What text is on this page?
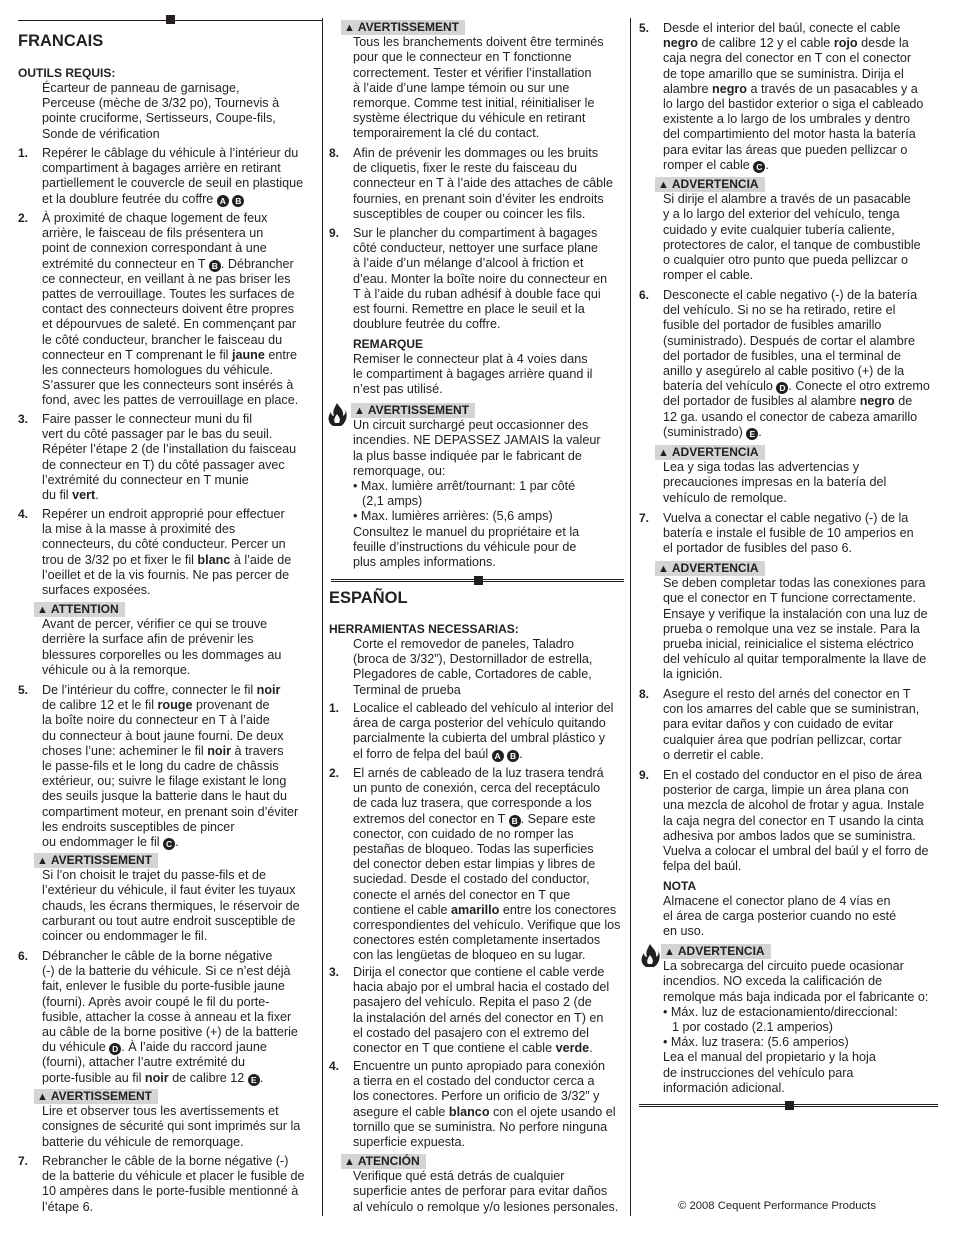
FRANCAIS

OUTILS REQUIS:

Écarteur de panneau de garnisage,

Perceuse (mèche de 3/32 po), Tournevis à

pointe cruciforme, Sertisseurs, Coupe-fils,

Sonde de vérification

1. Repérer le câblage du véhicule à l’intérieur du

compartiment à bagages arrière en retirant

partiellement le couvercle de seuil en plastique

et la doublure feutrée du coffre A B

2. À proximité de chaque logement de feux

arrière, le faisceau de fils présentera un

point de connexion correspondant à une

extrémité du connecteur en T B . Débrancher

ce connecteur, en veillant à ne pas briser les

pattes de verrouillage. Toutes les surfaces de

contact des connecteurs doivent être propres

et dépourvues de saleté. En commençant par

le côté conducteur, brancher le faisceau du

connecteur en T comprenant le fil jaune entre

les connecteurs homologues du véhicule.

S’assurer que les connecteurs sont insérés à

fond, avec les pattes de verrouillage en place.

3. Faire passer le connecteur muni du fil

vert du côté passager par le bas du seuil.

Répéter l’étape 2 (de l’installation du faisceau

de connecteur en T) du côté passager avec

l’extrémité du connecteur en T munie

du fil vert.

4. Repérer un endroit approprié pour effectuer

la mise à la masse à proximité des

connecteurs, du côté conducteur. Percer un

trou de 3/32 po et fixer le fil blanc à l’aide de

l’oeillet et de la vis fournis. Ne pas percer de

surfaces exposées.

▲ ATTENTION

Avant de percer, vérifier ce qui se trouve

derrière la surface afin de prévenir les

blessures corporelles ou les dommages au

véhicule ou à la remorque.

5. De l’intérieur du coffre, connecter le fil noir

de calibre 12 et le fil rouge provenant de

la boîte noire du connecteur en T à l’aide

du connecteur à bout jaune fourni. De deux

choses l’une: acheminer le fil noir à travers

le passe-fils et le long du cadre de châssis

extérieur, ou; suivre le filage existant le long

des seuils jusque la batterie dans le haut du

compartiment moteur, en prenant soin d’éviter

les endroits susceptibles de pincer

ou endommager le fil C .

▲ AVERTISSEMENT

Si l’on choisit le trajet du passe-fils et de

l’extérieur du véhicule, il faut éviter les tuyaux

chauds, les écrans thermiques, le réservoir de

carburant ou tout autre endroit susceptible de

coincer ou endommager le fil.

6. Débrancher le câble de la borne négative

(-) de la batterie du véhicule. Si ce n’est déjà

fait, enlever le fusible du porte-fusible jaune

(fourni). Après avoir coupé le fil du porte-

fusible, attacher la cosse à anneau et la fixer

au câble de la borne positive (+) de la batterie

du véhicule D . À l’aide du raccord jaune

(fourni), attacher l’autre extrémité du

porte-fusible au fil noir de calibre 12 E .

▲ AVERTISSEMENT

Lire et observer tous les avertissements et

consignes de sécurité qui sont imprimés sur la

batterie du véhicule de remorquage.

7. Rebrancher le câble de la borne négative (-)

de la batterie du véhicule et placer le fusible de

10 ampères dans le porte-fusible mentionné à

l’étape 6.

▲ AVERTISSEMENT

Tous les branchements doivent être terminés

pour que le connecteur en T fonctionne

correctement. Tester et vérifier l’installation

à l’aide d’une lampe témoin ou sur une

remorque. Comme test initial, réinitialiser le

système électrique du véhicule en retirant

temporairement la clé du contact.

8. Afin de prévenir les dommages ou les bruits

de cliquetis, fixer le reste du faisceau du

connecteur en T à l’aide des attaches de câble

fournies, en prenant soin d’éviter les endroits

susceptibles de couper ou coincer les fils.

9. Sur le plancher du compartiment à bagages

côté conducteur, nettoyer une surface plane

à l’aide d’un mélange d’alcool à friction et

d’eau. Monter la boîte noire du connecteur en

T à l’aide du ruban adhésif à double face qui

est fourni. Remettre en place le seuil et la

doublure feutrée du coffre.

REMARQUE

Remiser le connecteur plat à 4 voies dans

le compartiment à bagages arrière quand il

n’est pas utilisé.

▲ AVERTISSEMENT

Un circuit surchargé peut occasionner des

incendies. NE DEPASSEZ JAMAIS la valeur

la plus basse indiquée par le fabricant de

remorquage, ou:

• Max. lumière arrêt/tournant: 1 par côté

(2,1 amps)

• Max. lumières arrières: (5,6 amps)

Consultez le manuel du propriétaire et la

feuille d’instructions du véhicule pour de

plus amples informations.

ESPAÑOL

HERRAMIENTAS NECESSARIAS:

Corte el removedor de paneles, Taladro

(broca de 3/32”), Destornillador de estrella,

Plegadores de cable, Cortadores de cable,

Terminal de prueba

1. Localice el cableado del vehículo al interior del

área de carga posterior del vehículo quitando

parcialmente la cubierta del umbral plástico y

el forro de felpa del baúl A B .

2. El arnés de cableado de la luz trasera tendrá

un punto de conexión, cerca del receptáculo

de cada luz trasera, que corresponde a los

extremos del conector en T B . Separe este

conector, con cuidado de no romper las

pestañas de bloqueo. Todas las superficies

del conector deben estar limpias y libres de

suciedad. Desde el costado del conductor,

conecte el arnés del conector en T que

contiene el cable amarillo entre los conectores

correspondientes del vehículo. Verifique que los

conectores estén completamente insertados

con las lengüetas de bloqueo en su lugar.

3. Dirija el conector que contiene el cable verde

hacia abajo por el umbral hacia el costado del

pasajero del vehículo. Repita el paso 2 (de

la instalación del arnés del conector en T) en

el costado del pasajero con el extremo del

conector en T que contiene el cable verde.

4. Encuentre un punto apropiado para conexión

a tierra en el costado del conductor cerca a

los conectores. Perfore un orificio de 3/32” y

asegure el cable blanco con el ojete usando el

tornillo que se suministra. No perfore ninguna

superficie expuesta.

▲ ATENCIÓN

Verifique qué está detrás de cualquier

superficie antes de perforar para evitar daños

al vehículo o remolque y/o lesiones personales.

5. Desde el interior del baúl, conecte el cable

negro de calibre 12 y el cable rojo desde la

caja negra del conector en T con el conector

de tope amarillo que se suministra. Dirija el

alambre negro a través de un pasacables y a

lo largo del bastidor exterior o siga el cableado

existente a lo largo de los umbrales y dentro

del compartimiento del motor hasta la batería

para evitar las áreas que pueden pellizcar o

romper el cable C .

▲ ADVERTENCIA

Si dirije el alambre a través de un pasacable

y a lo largo del exterior del vehículo, tenga

cuidado y evite cualquier tubería caliente,

protectores de calor, el tanque de combustible

o cualquier otro punto que pueda pellizcar o

romper el cable.

6. Desconecte el cable negativo (-) de la batería

del vehículo. Si no se ha retirado, retire el

fusible del portador de fusibles amarillo

(suministrado). Después de cortar el alambre

del portador de fusibles, una el terminal de

anillo y asegúrelo al cable positivo (+) de la

batería del vehículo D . Conecte el otro extremo

del portador de fusibles al alambre negro de

12 ga. usando el conector de cabeza amarillo

(suministrado) E .

▲ ADVERTENCIA

Lea y siga todas las advertencias y

precauciones impresas en la batería del

vehículo de remolque.

7. Vuelva a conectar el cable negativo (-) de la

batería e instale el fusible de 10 amperios en

el portador de fusibles del paso 6.

▲ ADVERTENCIA

Se deben completar todas las conexiones para

que el conector en T funcione correctamente.

Ensaye y verifique la instalación con una luz de

prueba o remolque una vez se instale. Para la

prueba inicial, reinicialice el sistema eléctrico

del vehículo al quitar temporalmente la llave de

la ignición.

8. Asegure el resto del arnés del conector en T

con los amarres del cable que se suministran,

para evitar daños y con cuidado de evitar

cualquier área que podrían pellizcar, cortar

o derretir el cable.

9. En el costado del conductor en el piso de área

posterior de carga, limpie un área plana con

una mezcla de alcohol de frotar y agua. Instale

la caja negra del conector en T usando la cinta

adhesiva por ambos lados que se suministra.

Vuelva a colocar el umbral del baúl y el forro de

felpa del baúl.

NOTA

Almacene el conector plano de 4 vías en

el área de carga posterior cuando no esté

en uso.

▲ ADVERTENCIA

La sobrecarga del circuito puede ocasionar

incendios. NO exceda la calificación de

remolque más baja indicada por el fabricante o:

• Máx. luz de estacionamiento/direccional:

1 por costado (2.1 amperios)

• Máx. luz trasera: (5.6 amperios)

Lea el manual del propietario y la hoja

de instrucciones del vehículo para

información adicional.

© 2008 Cequent Performance Products
